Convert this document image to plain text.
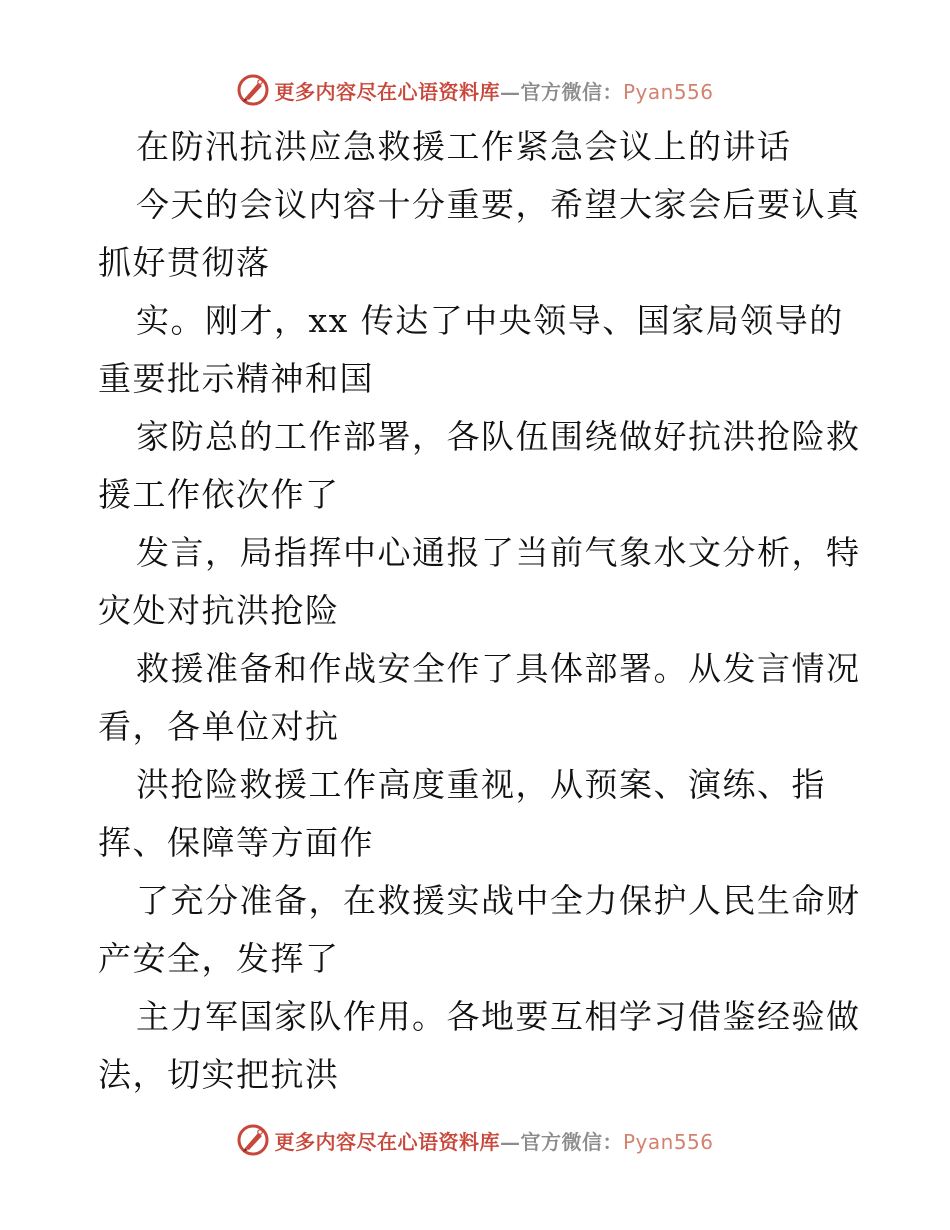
更多内容尽在心语资料库—官方微信：Pyan556
在防汛抗洪应急救援工作紧急会议上的讲话
今天的会议内容十分重要，希望大家会后要认真
抓好贯彻落
实。刚才，xx 传达了中央领导、国家局领导的
重要批示精神和国
家防总的工作部署，各队伍围绕做好抗洪抢险救
援工作依次作了
发言，局指挥中心通报了当前气象水文分析，特
灾处对抗洪抢险
救援准备和作战安全作了具体部署。从发言情况
看，各单位对抗
洪抢险救援工作高度重视，从预案、演练、指
挥、保障等方面作
了充分准备，在救援实战中全力保护人民生命财
产安全，发挥了
主力军国家队作用。各地要互相学习借鉴经验做
法，切实把抗洪
更多内容尽在心语资料库—官方微信：Pyan556
